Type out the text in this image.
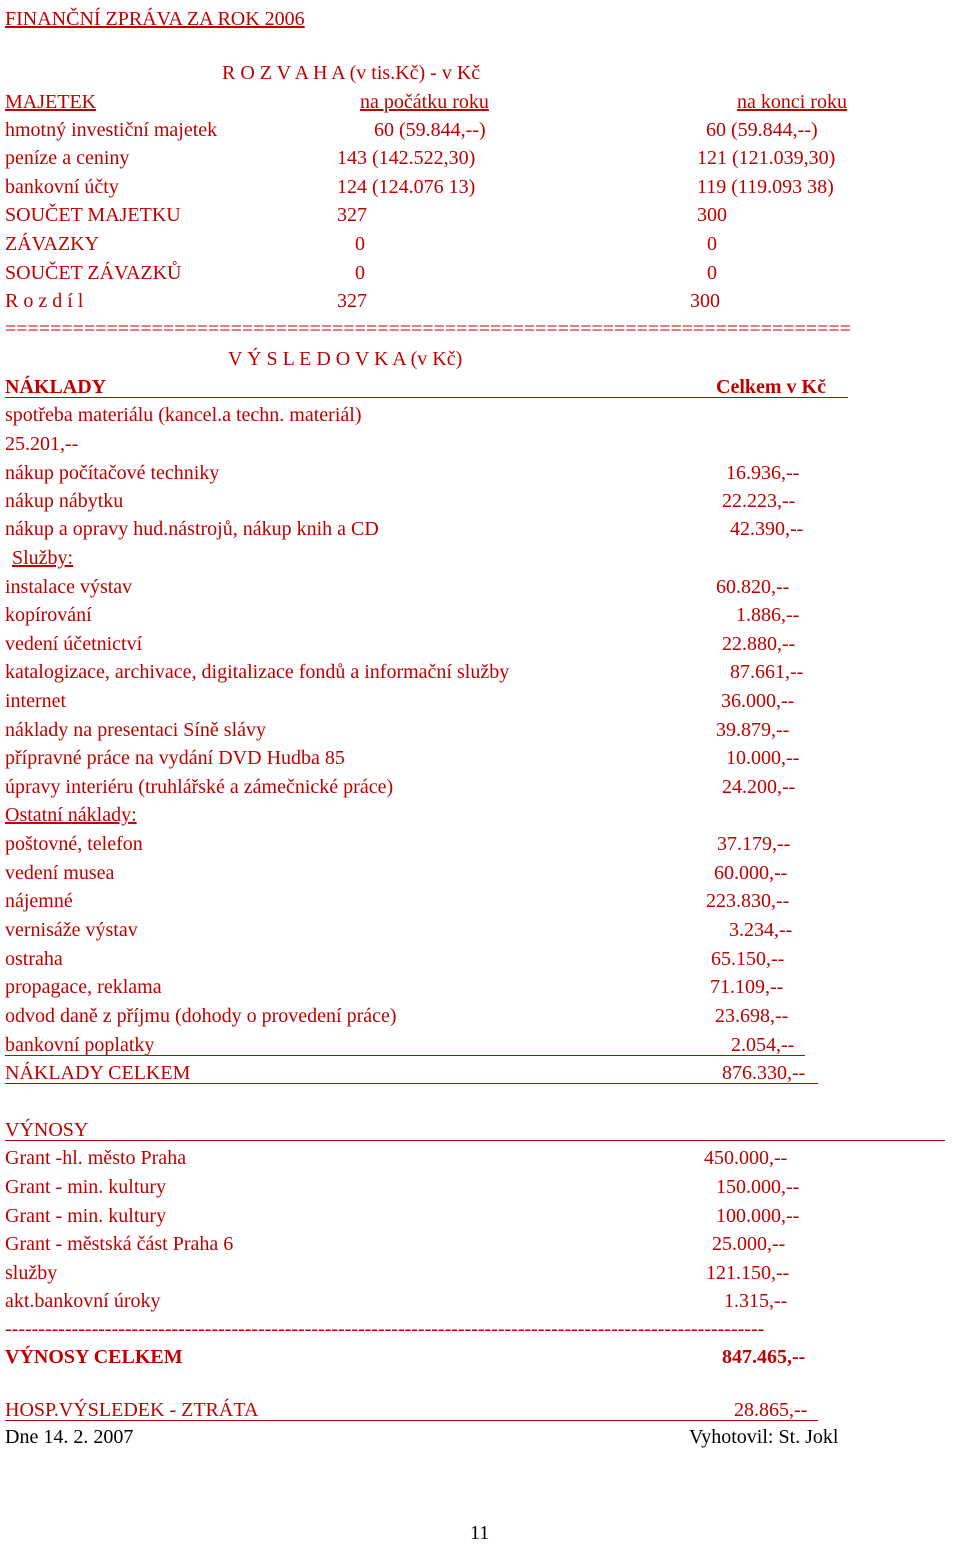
FINANČNÍ ZPRÁVA ZA ROK 2006
R O Z V A H A (v tis.Kč) - v Kč
MAJETEK	na počátku roku	na konci roku
hmotný investiční majetek	60 (59.844,--)	60 (59.844,--)
peníze a ceniny	143 (142.522,30)	121 (121.039,30)
bankovní účty	124 (124.076 13)	119 (119.093 38)
SOUČET MAJETKU	327	300
ZÁVAZKY	0	0
SOUČET ZÁVAZKŮ	0	0
R o z d í l	327	300
===========================================================================
V Ý S L E D O V K A (v Kč)
NÁKLADY	Celkem v Kč
spotřeba materiálu (kancel.a techn. materiál)
25.201,--
nákup počítačové techniky	16.936,--
nákup nábytku	22.223,--
nákup a opravy hud.nástrojů, nákup knih a CD	42.390,--
Služby:
instalace výstav	60.820,--
kopírování	1.886,--
vedení účetnictví	22.880,--
katalogizace, archivace, digitalizace fondů a informační služby	87.661,--
internet	36.000,--
náklady na presentaci Síně slávy	39.879,--
přípravné práce na vydání DVD Hudba 85	10.000,--
úpravy interiéru (truhlářské a zámečnické práce)	24.200,--
Ostatní náklady:
poštovné, telefon	37.179,--
vedení musea	60.000,--
nájemné	223.830,--
vernisáže výstav	3.234,--
ostraha	65.150,--
propagace, reklama	71.109,--
odvod daně z příjmu (dohody o provedení práce)	23.698,--
bankovní poplatky	2.054,--
NÁKLADY CELKEM	876.330,--
VÝNOSY
Grant -hl. město Praha	450.000,--
Grant - min. kultury	150.000,--
Grant - min. kultury	100.000,--
Grant - městská část Praha 6	25.000,--
služby	121.150,--
akt.bankovní úroky	1.315,--
------------------------------------------------------------------------------------------------------------------
VÝNOSY CELKEM	847.465,--
HOSP.VÝSLEDEK - ZTRÁTA	28.865,--
Dne 14. 2. 2007	Vyhotovil: St. Jokl
11
